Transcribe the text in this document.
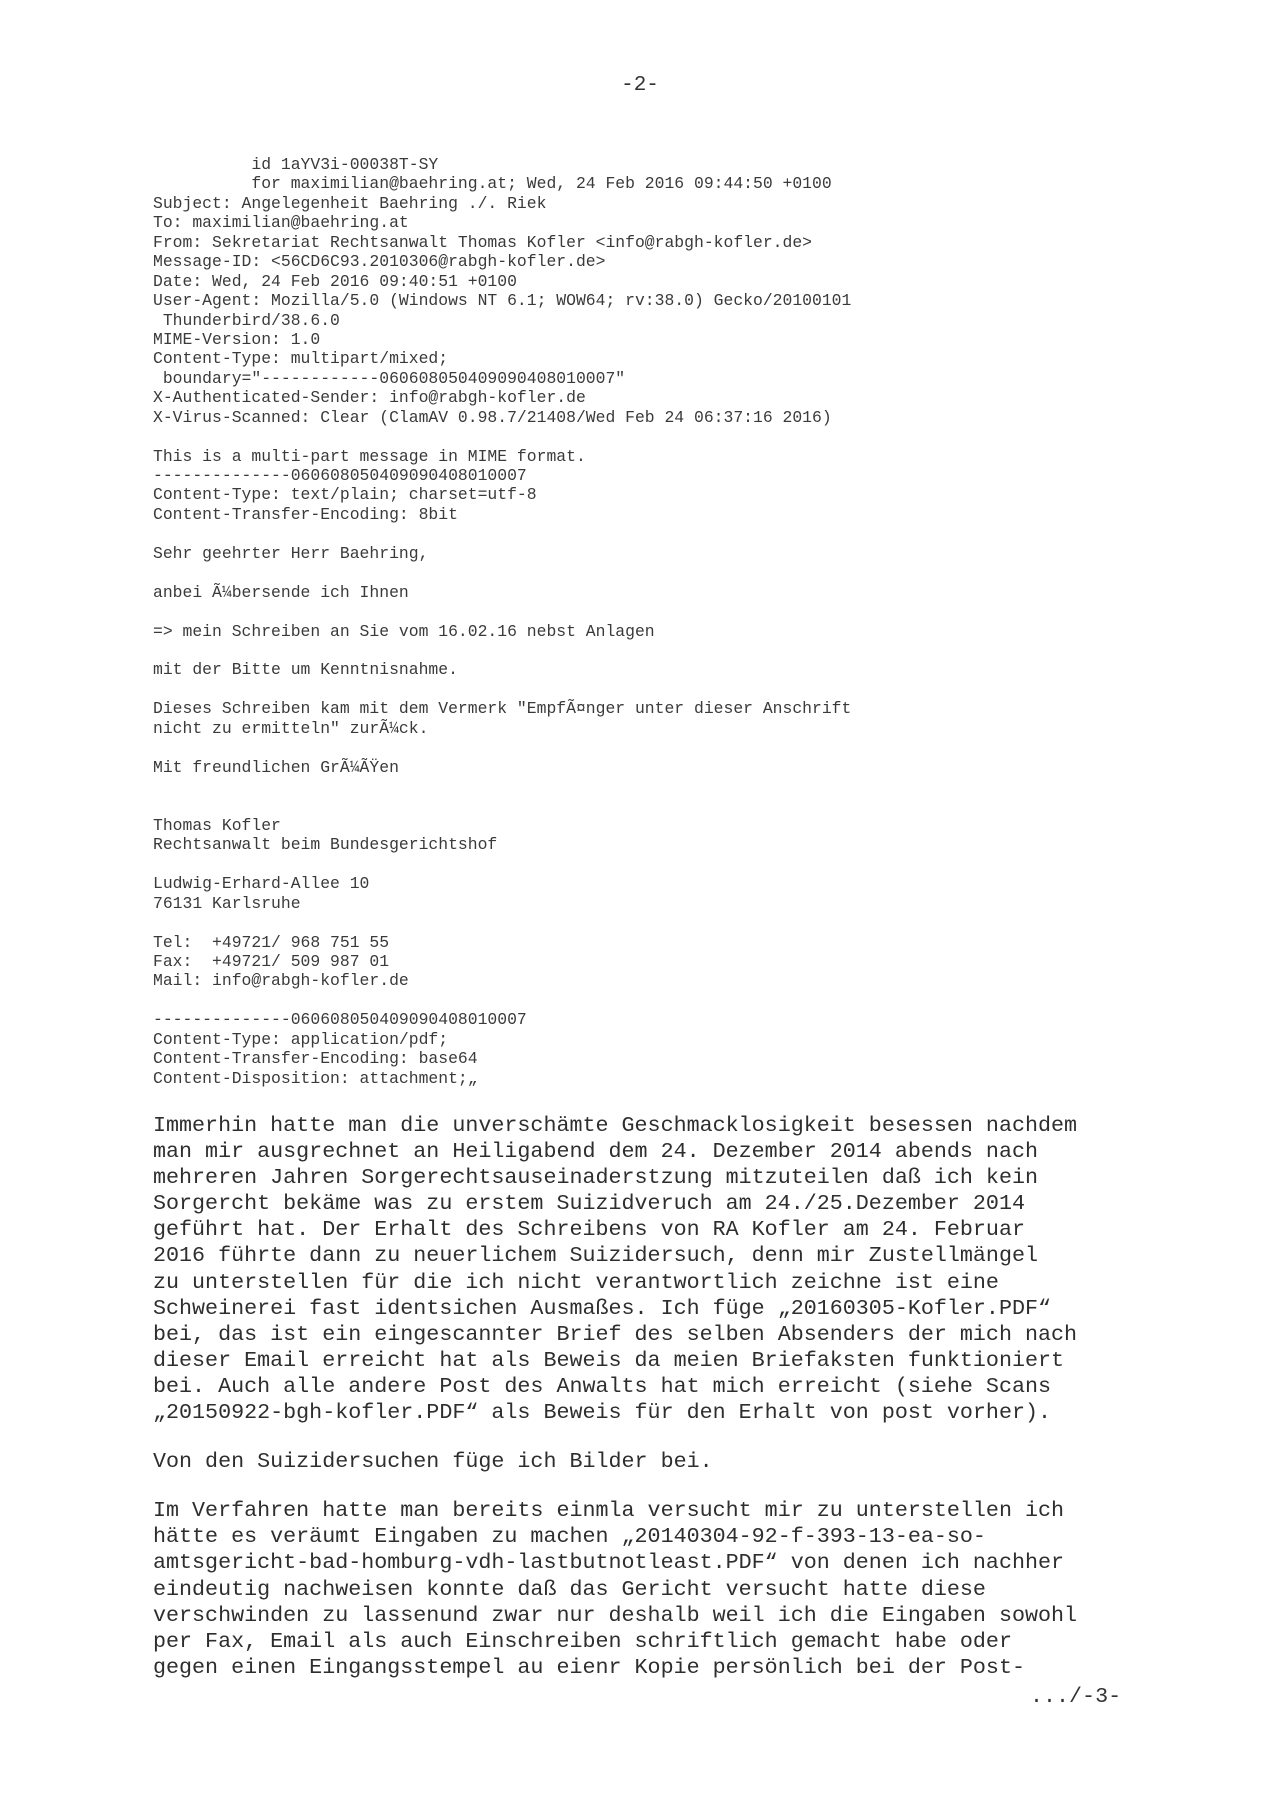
-2-
id 1aYV3i-00038T-SY
for maximilian@baehring.at; Wed, 24 Feb 2016 09:44:50 +0100
Subject: Angelegenheit Baehring ./. Riek
To: maximilian@baehring.at
From: Sekretariat Rechtsanwalt Thomas Kofler <info@rabgh-kofler.de>
Message-ID: <56CD6C93.2010306@rabgh-kofler.de>
Date: Wed, 24 Feb 2016 09:40:51 +0100
User-Agent: Mozilla/5.0 (Windows NT 6.1; WOW64; rv:38.0) Gecko/20100101
Thunderbird/38.6.0
MIME-Version: 1.0
Content-Type: multipart/mixed;
boundary="------------060608050409090408010007"
X-Authenticated-Sender: info@rabgh-kofler.de
X-Virus-Scanned: Clear (ClamAV 0.98.7/21408/Wed Feb 24 06:37:16 2016)
This is a multi-part message in MIME format.
--------------060608050409090408010007
Content-Type: text/plain; charset=utf-8
Content-Transfer-Encoding: 8bit
Sehr geehrter Herr Baehring,
anbei Ã¼bersende ich Ihnen
=> mein Schreiben an Sie vom 16.02.16 nebst Anlagen
mit der Bitte um Kenntnisnahme.
Dieses Schreiben kam mit dem Vermerk "EmpfÃ¤nger unter dieser Anschrift
nicht zu ermitteln" zurÃ¼ck.
Mit freundlichen GrÃ¼ÃŸen
Thomas Kofler
Rechtsanwalt beim Bundesgerichtshof
Ludwig-Erhard-Allee 10
76131 Karlsruhe
Tel:  +49721/ 968 751 55
Fax:  +49721/ 509 987 01
Mail: info@rabgh-kofler.de
--------------060608050409090408010007
Content-Type: application/pdf;
Content-Transfer-Encoding: base64
Content-Disposition: attachment;„
Immerhin hatte man die unverschämte Geschmacklosigkeit besessen nachdem
man mir ausgrechnet an Heiligabend dem 24. Dezember 2014 abends nach
mehreren Jahren Sorgerechtsauseinaderstzung mitzuteilen daß ich kein
Sorgercht bekäme was zu erstem Suizidveruch am 24./25.Dezember 2014
geführt hat. Der Erhalt des Schreibens von RA Kofler am 24. Februar
2016 führte dann zu neuerlichem Suizidersuch, denn mir Zustellmängel
zu unterstellen für die ich nicht verantwortlich zeichne ist eine
Schweinerei fast identsichen Ausmaßes. Ich füge „20160305-Kofler.PDF“
bei, das ist ein eingescannter Brief des selben Absenders der mich nach
dieser Email erreicht hat als Beweis da meien Briefaksten funktioniert
bei. Auch alle andere Post des Anwalts hat mich erreicht (siehe Scans
„20150922-bgh-kofler.PDF“ als Beweis für den Erhalt von post vorher).
Von den Suizidersuchen füge ich Bilder bei.
Im Verfahren hatte man bereits einmla versucht mir zu unterstellen ich
hätte es veräumt Eingaben zu machen „20140304-92-f-393-13-ea-so-
amtsgericht-bad-homburg-vdh-lastbutnotleast.PDF“ von denen ich nachher
eindeutig nachweisen konnte daß das Gericht versucht hatte diese
verschwinden zu lassenund zwar nur deshalb weil ich die Eingaben sowohl
per Fax, Email als auch Einschreiben schriftlich gemacht habe oder
gegen einen Eingangsstempel au eienr Kopie persönlich bei der Post-
.../-3-
